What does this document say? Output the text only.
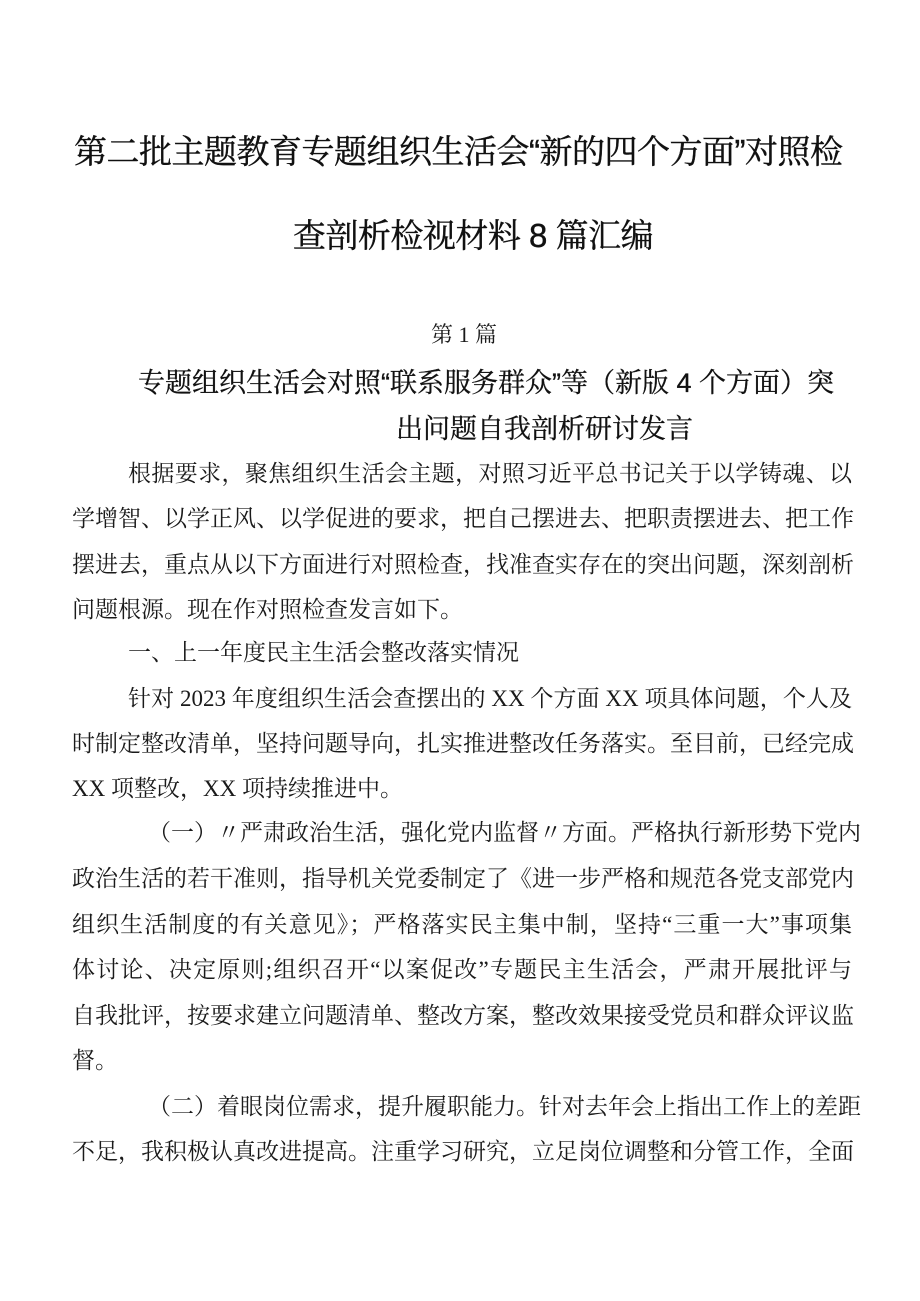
第二批主题教育专题组织生活会“新的四个方面”对照检
查剖析检视材料 8 篇汇编
第 1 篇
专题组织生活会对照“联系服务群众”等（新版 4 个方面）突
出问题自我剖析研讨发言
根据要求，聚焦组织生活会主题，对照习近平总书记关于以学铸魂、以
学增智、以学正风、以学促进的要求，把自己摆进去、把职责摆进去、把工作
摆进去，重点从以下方面进行对照检查，找准查实存在的突出问题，深刻剖析
问题根源。现在作对照检查发言如下。
一、上一年度民主生活会整改落实情况
针对 2023 年度组织生活会查摆出的 XX 个方面 XX 项具体问题，个人及
时制定整改清单，坚持问题导向，扎实推进整改任务落实。至目前，已经完成
XX 项整改，XX 项持续推进中。
（一）〃严肃政治生活，强化党内监督〃方面。严格执行新形势下党内
政治生活的若干准则，指导机关党委制定了《进一步严格和规范各党支部党内
组织生活制度的有关意见》；严格落实民主集中制，坚持“三重一大”事项集
体讨论、决定原则;组织召开“以案促改”专题民主生活会，严肃开展批评与
自我批评，按要求建立问题清单、整改方案，整改效果接受党员和群众评议监
督。
（二）着眼岗位需求，提升履职能力。针对去年会上指出工作上的差距
不足，我积极认真改进提高。注重学习研究，立足岗位调整和分管工作，全面
